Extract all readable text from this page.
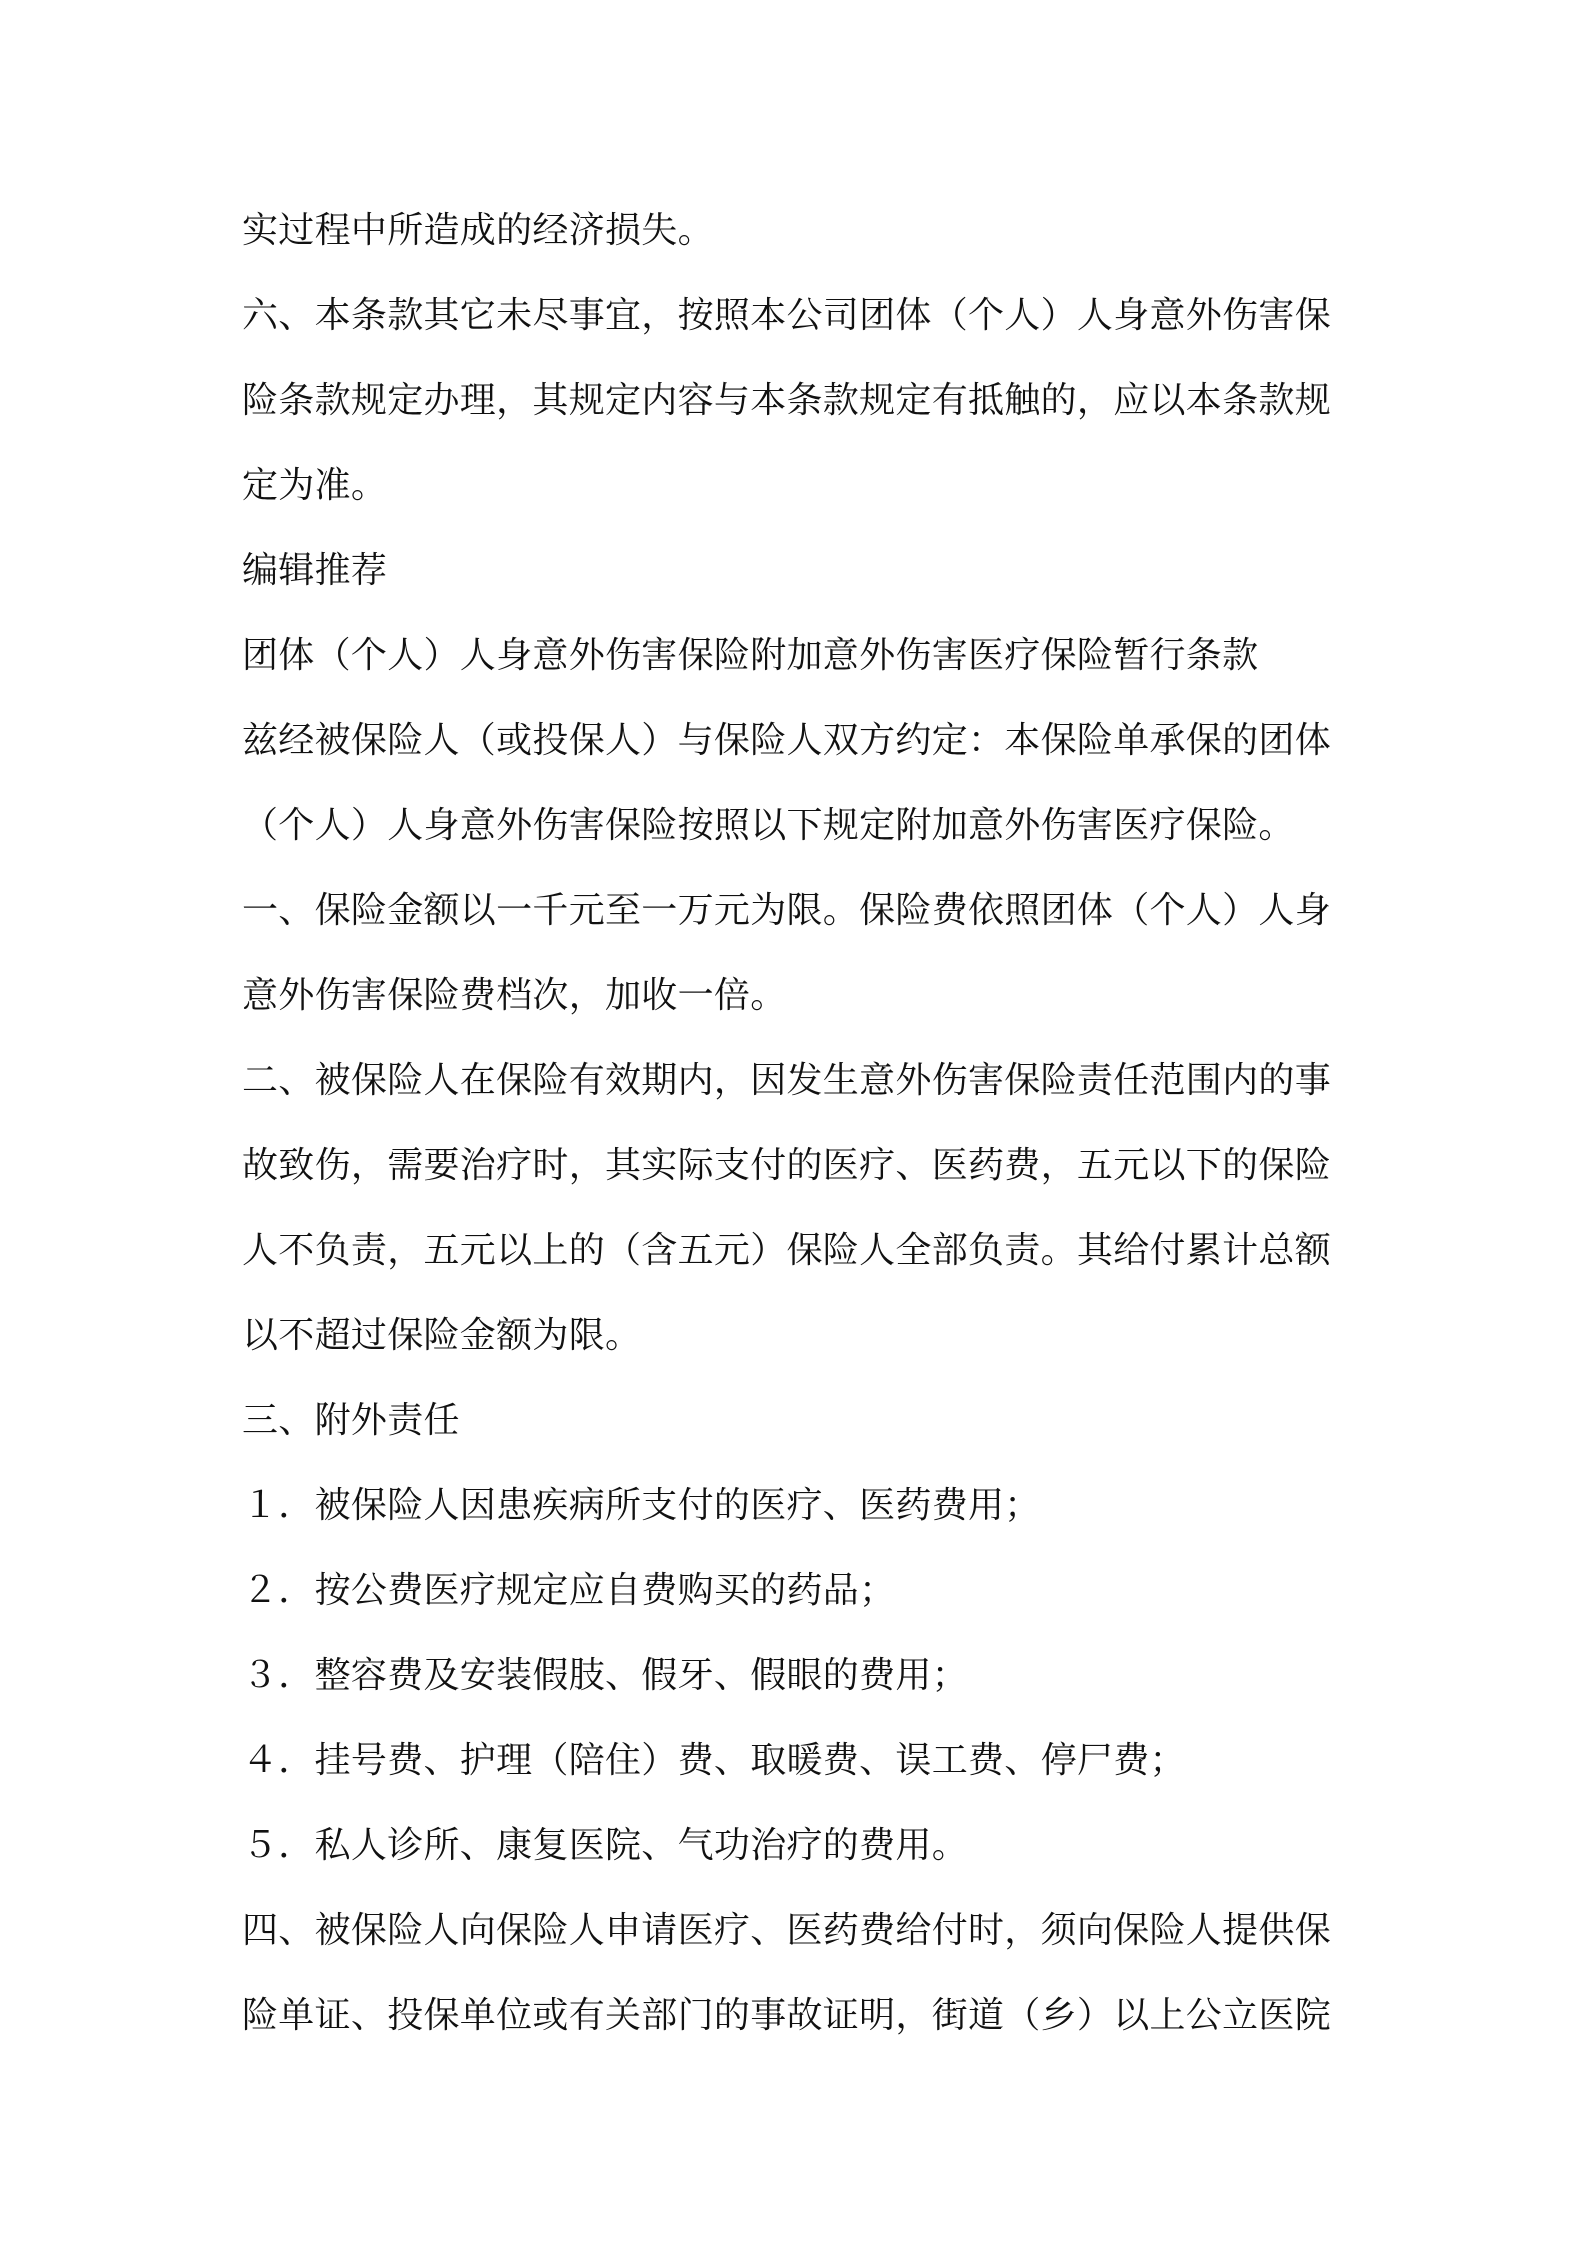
实过程中所造成的经济损失。
六、本条款其它未尽事宜，按照本公司团体（个人）人身意外伤害保
险条款规定办理，其规定内容与本条款规定有抵触的，应以本条款规
定为准。
编辑推荐
团体（个人）人身意外伤害保险附加意外伤害医疗保险暂行条款
兹经被保险人（或投保人）与保险人双方约定：本保险单承保的团体
（个人）人身意外伤害保险按照以下规定附加意外伤害医疗保险。
一、保险金额以一千元至一万元为限。保险费依照团体（个人）人身
意外伤害保险费档次，加收一倍。
二、被保险人在保险有效期内，因发生意外伤害保险责任范围内的事
故致伤，需要治疗时，其实际支付的医疗、医药费，五元以下的保险
人不负责，五元以上的（含五元）保险人全部负责。其给付累计总额
以不超过保险金额为限。
三、附外责任
１．被保险人因患疾病所支付的医疗、医药费用；
２．按公费医疗规定应自费购买的药品；
３．整容费及安装假肢、假牙、假眼的费用；
４．挂号费、护理（陪住）费、取暖费、误工费、停尸费；
５．私人诊所、康复医院、气功治疗的费用。
四、被保险人向保险人申请医疗、医药费给付时，须向保险人提供保
险单证、投保单位或有关部门的事故证明，街道（乡）以上公立医院
